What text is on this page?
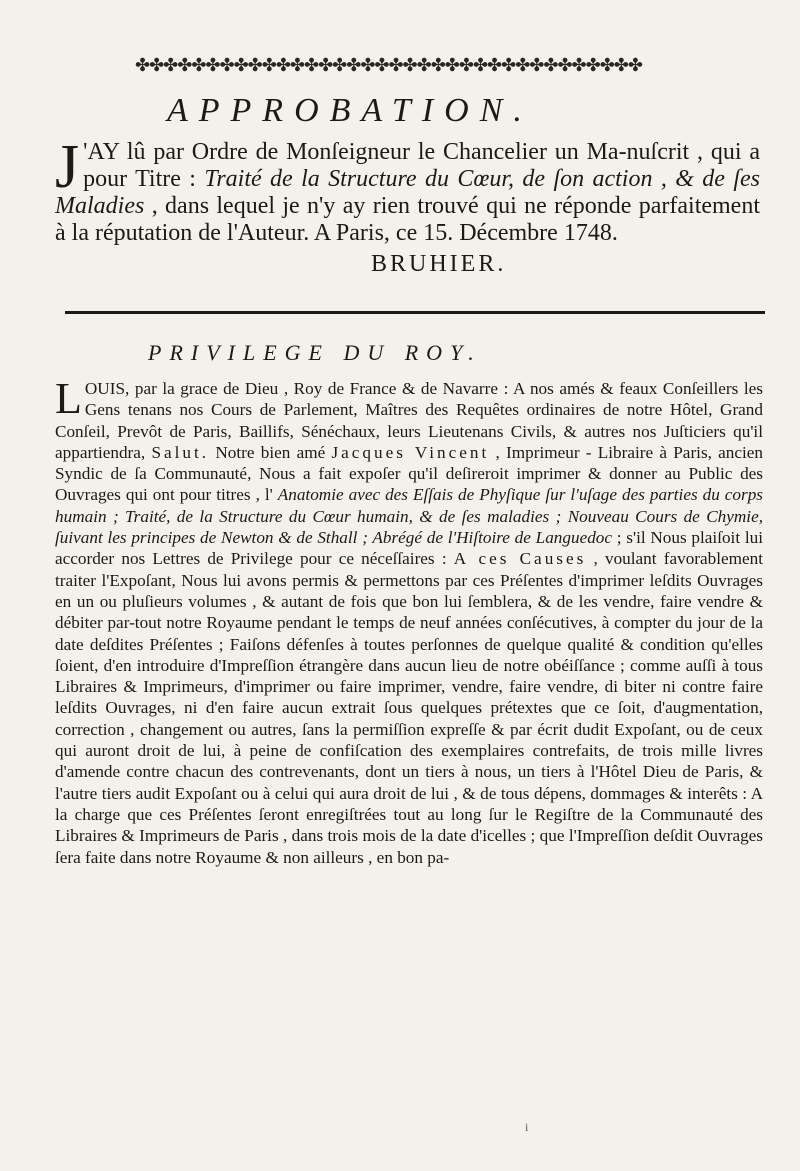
✤✤✤✤✤✤✤✤✤✤✤✤✤✤✤✤✤✤✤✤✤✤✤✤✤✤✤✤✤✤✤✤✤✤✤✤
APPROBATION.
J 'AY lû par Ordre de Monſeigneur le Chancelier un Ma-nuſcrit , qui a pour Titre : Traité de la Structure du Cœur, de ſon action , & de ſes Maladies , dans lequel je n'y ay rien trouvé qui ne réponde parfaitement à la réputation de l'Auteur. A Paris, ce 15. Décembre 1748.
BRUHIER.
PRIVILEGE DU ROY.
L OUIS, par la grace de Dieu , Roy de France & de Navarre : A nos amés & feaux Conſeillers les Gens tenans nos Cours de Parlement, Maîtres des Requêtes ordinaires de notre Hôtel, Grand Conſeil, Prevôt de Paris, Baillifs, Sénéchaux, leurs Lieutenans Civils, & autres nos Juſticiers qu'il appartiendra, Salut. Notre bien amé Jacques Vincent , Imprimeur - Libraire à Paris, ancien Syndic de ſa Communauté, Nous a fait expoſer qu'il deſireroit imprimer & donner au Public des Ouvrages qui ont pour titres , l' Anatomie avec des Eſſais de Phyſique ſur l'uſage des parties du corps humain ; Traité, de la Structure du Cœur humain, & de ſes maladies ; Nouveau Cours de Chymie, ſuivant les principes de Newton & de Sthall ; Abrégé de l'Hiſtoire de Languedoc ; s'il Nous plaiſoit lui accorder nos Lettres de Privilege pour ce néceſſaires : A ces Causes , voulant favorablement traiter l'Expoſant, Nous lui avons permis & permettons par ces Préſentes d'imprimer leſdits Ouvrages en un ou pluſieurs volumes , & autant de fois que bon lui ſemblera, & de les vendre, faire vendre & débiter par-tout notre Royaume pendant le temps de neuf années conſécutives, à compter du jour de la date deſdites Préſentes ; Faiſons défenſes à toutes perſonnes de quelque qualité & condition qu'elles ſoient, d'en introduire d'Impreſſion étrangère dans aucun lieu de notre obéiſſance ; comme auſſi à tous Libraires & Imprimeurs, d'imprimer ou faire imprimer, vendre, faire vendre, di biter ni contre faire leſdits Ouvrages, ni d'en faire aucun extrait ſous quelques prétextes que ce ſoit, d'augmentation, correction , changement ou autres, ſans la permiſſion expreſſe & par écrit dudit Expoſant, ou de ceux qui auront droit de lui, à peine de confiſcation des exemplaires contrefaits, de trois mille livres d'amende contre chacun des contrevenants, dont un tiers à nous, un tiers à l'Hôtel Dieu de Paris, & l'autre tiers audit Expoſant ou à celui qui aura droit de lui , & de tous dépens, dommages & interêts : A la charge que ces Préſentes ſeront enregiſtrées tout au long ſur le Regiſtre de la Communauté des Libraires & Imprimeurs de Paris , dans trois mois de la date d'icelles ; que l'Impreſſion deſdit Ouvrages ſera faite dans notre Royaume & non ailleurs , en bon pa-
i
